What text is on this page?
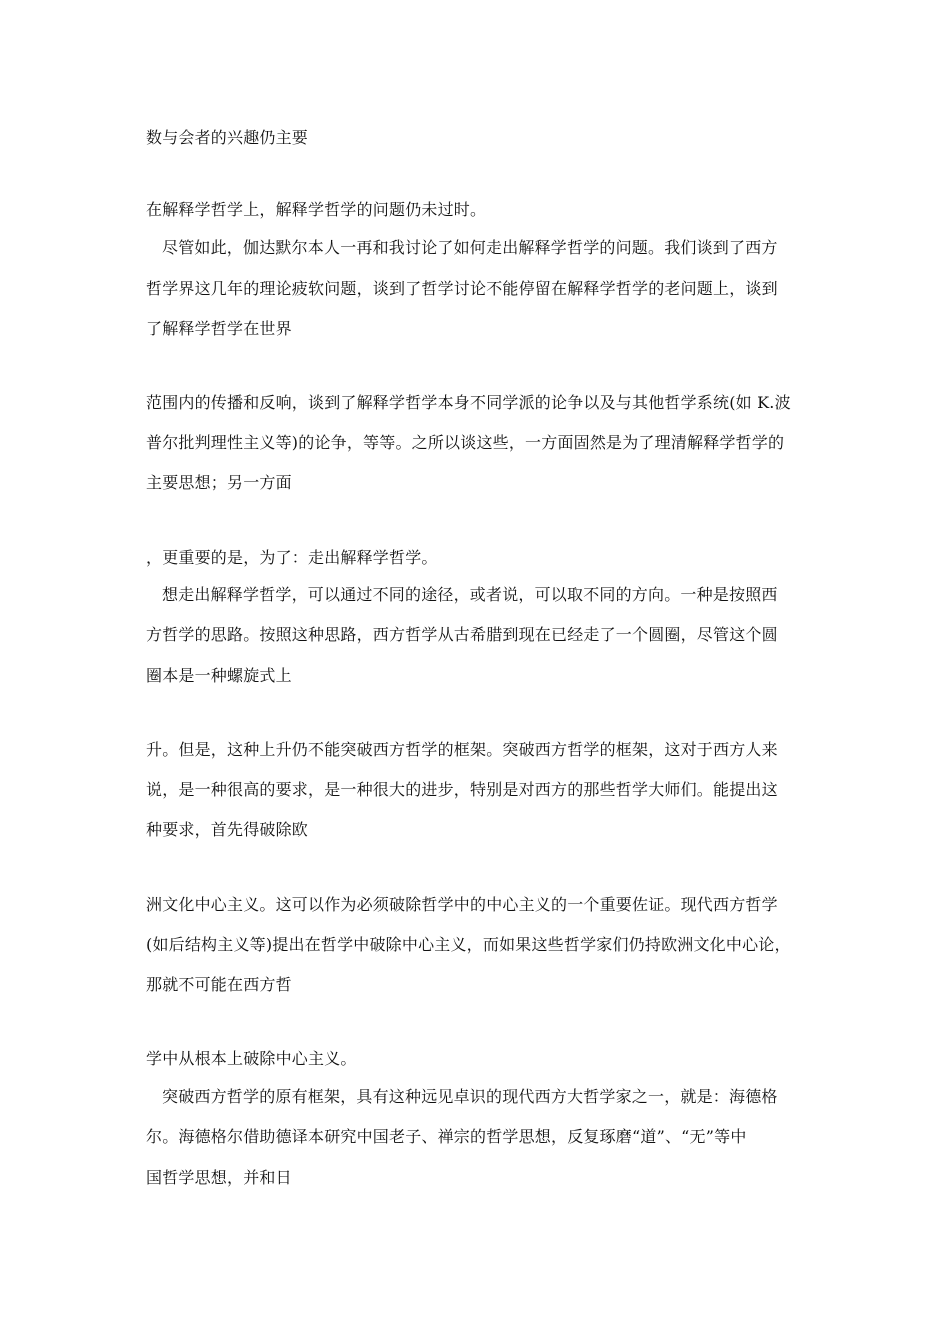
数与会者的兴趣仍主要
在解释学哲学上，解释学哲学的问题仍未过时。
尽管如此，伽达默尔本人一再和我讨论了如何走出解释学哲学的问题。我们谈到了西方
哲学界这几年的理论疲软问题，谈到了哲学讨论不能停留在解释学哲学的老问题上，谈到
了解释学哲学在世界
范围内的传播和反响，谈到了解释学哲学本身不同学派的论争以及与其他哲学系统(如 K.波
普尔批判理性主义等)的论争，等等。之所以谈这些，一方面固然是为了理清解释学哲学的
主要思想；另一方面
，更重要的是，为了：走出解释学哲学。
想走出解释学哲学，可以通过不同的途径，或者说，可以取不同的方向。一种是按照西
方哲学的思路。按照这种思路，西方哲学从古希腊到现在已经走了一个圆圈，尽管这个圆
圈本是一种螺旋式上
升。但是，这种上升仍不能突破西方哲学的框架。突破西方哲学的框架，这对于西方人来
说，是一种很高的要求，是一种很大的进步，特别是对西方的那些哲学大师们。能提出这
种要求，首先得破除欧
洲文化中心主义。这可以作为必须破除哲学中的中心主义的一个重要佐证。现代西方哲学
(如后结构主义等)提出在哲学中破除中心主义，而如果这些哲学家们仍持欧洲文化中心论，
那就不可能在西方哲
学中从根本上破除中心主义。
突破西方哲学的原有框架，具有这种远见卓识的现代西方大哲学家之一，就是：海德格
尔。海德格尔借助德译本研究中国老子、禅宗的哲学思想，反复琢磨“道”、“无”等中
国哲学思想，并和日
